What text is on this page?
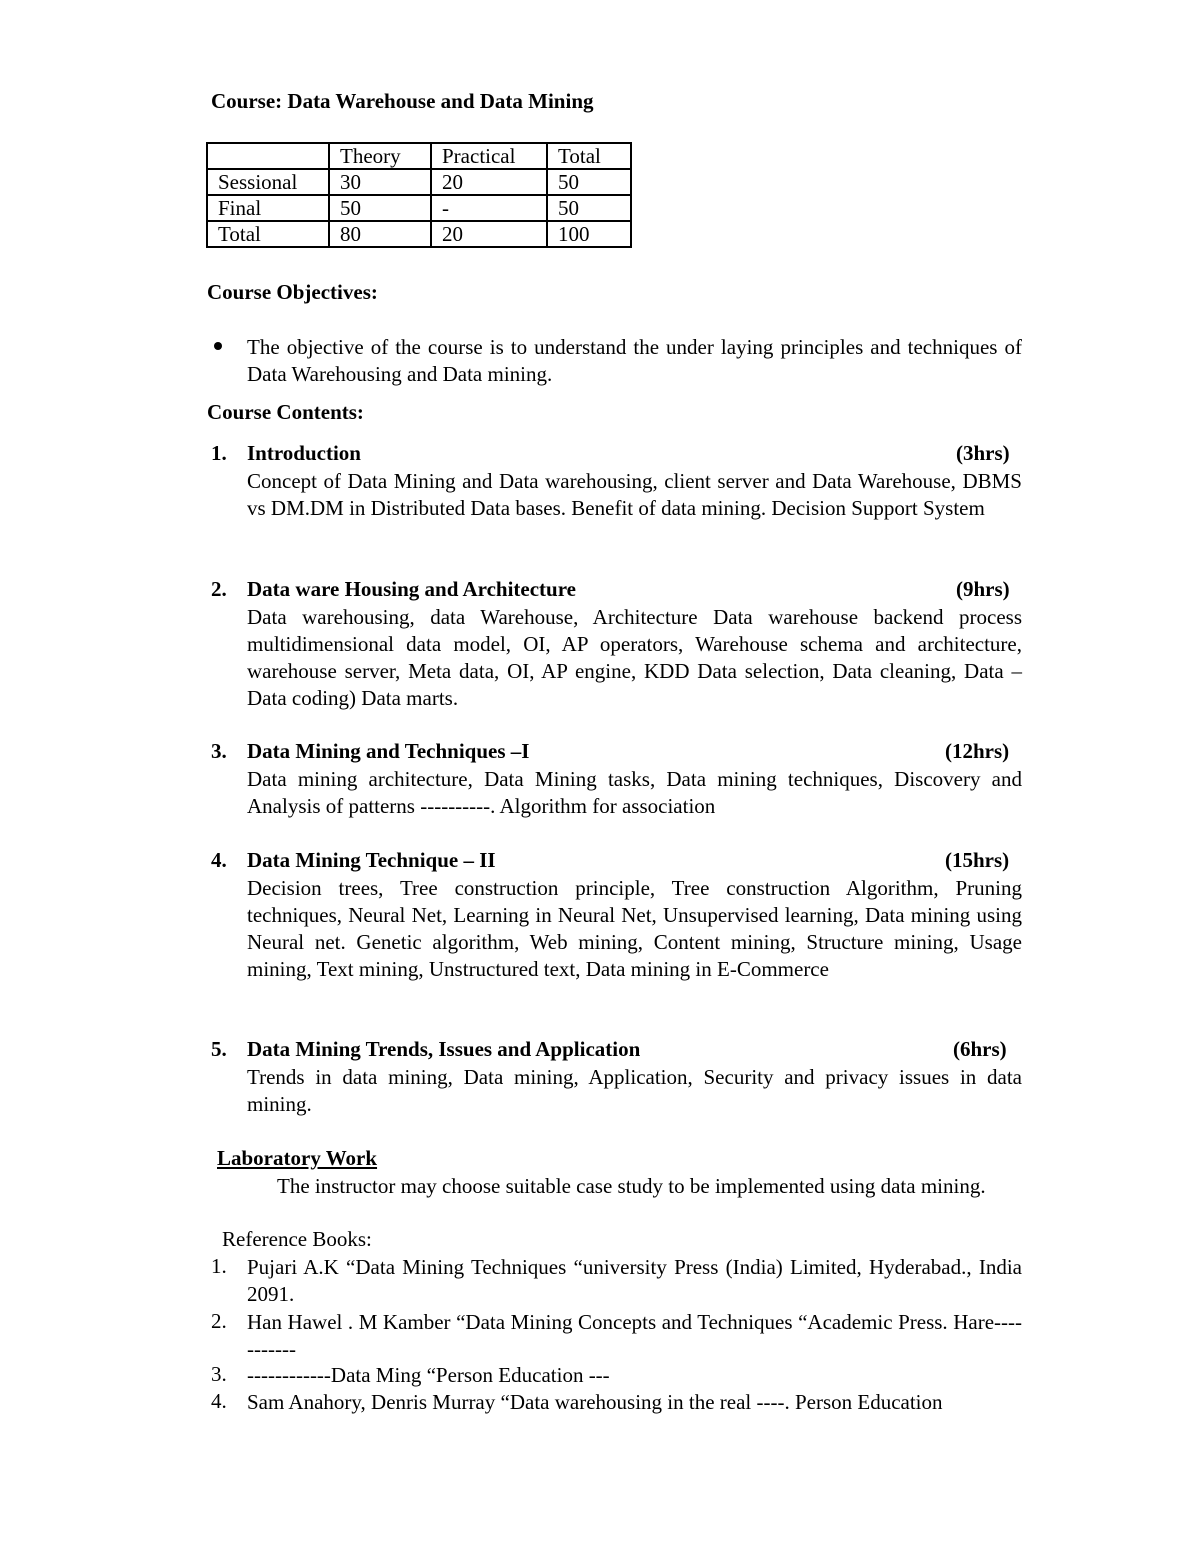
Course: Data Warehouse and Data Mining
	Theory	Practical	Total
Sessional	30	20	50
Final	50	-	50
Total	80	20	100
Course Objectives:
The objective of the course is to understand the under laying principles and techniques of Data Warehousing and Data mining.
Course Contents:
1. Introduction	(3hrs)
Concept of Data Mining and Data warehousing, client server and Data Warehouse, DBMS vs DM.DM in Distributed Data bases. Benefit of data mining. Decision Support System
2. Data ware Housing and Architecture	(9hrs)
Data warehousing, data Warehouse, Architecture Data warehouse backend process multidimensional data model, OI, AP operators, Warehouse schema and architecture, warehouse server, Meta data, OI, AP engine, KDD Data selection, Data cleaning, Data – Data coding) Data marts.
3. Data Mining and Techniques –I	(12hrs)
Data mining architecture, Data Mining tasks, Data mining techniques, Discovery and Analysis of patterns ----------. Algorithm for association
4. Data Mining Technique – II	(15hrs)
Decision trees, Tree construction principle, Tree construction Algorithm, Pruning techniques, Neural Net, Learning in Neural Net, Unsupervised learning, Data mining using Neural net. Genetic algorithm, Web mining, Content mining, Structure mining, Usage mining, Text mining, Unstructured text, Data mining in E-Commerce
5. Data Mining Trends, Issues and Application	(6hrs)
Trends in data mining, Data mining, Application, Security and privacy issues in data mining.
Laboratory Work
The instructor may choose suitable case study to be implemented using data mining.
Reference Books:
1. Pujari A.K “Data Mining Techniques “university Press (India) Limited, Hyderabad., India 2091.
2. Han Hawel . M Kamber “Data Mining Concepts and Techniques “Academic Press. Hare-----------
3. ------------Data Ming “Person Education ---
4. Sam Anahory, Denris Murray “Data warehousing in the real ----. Person Education
